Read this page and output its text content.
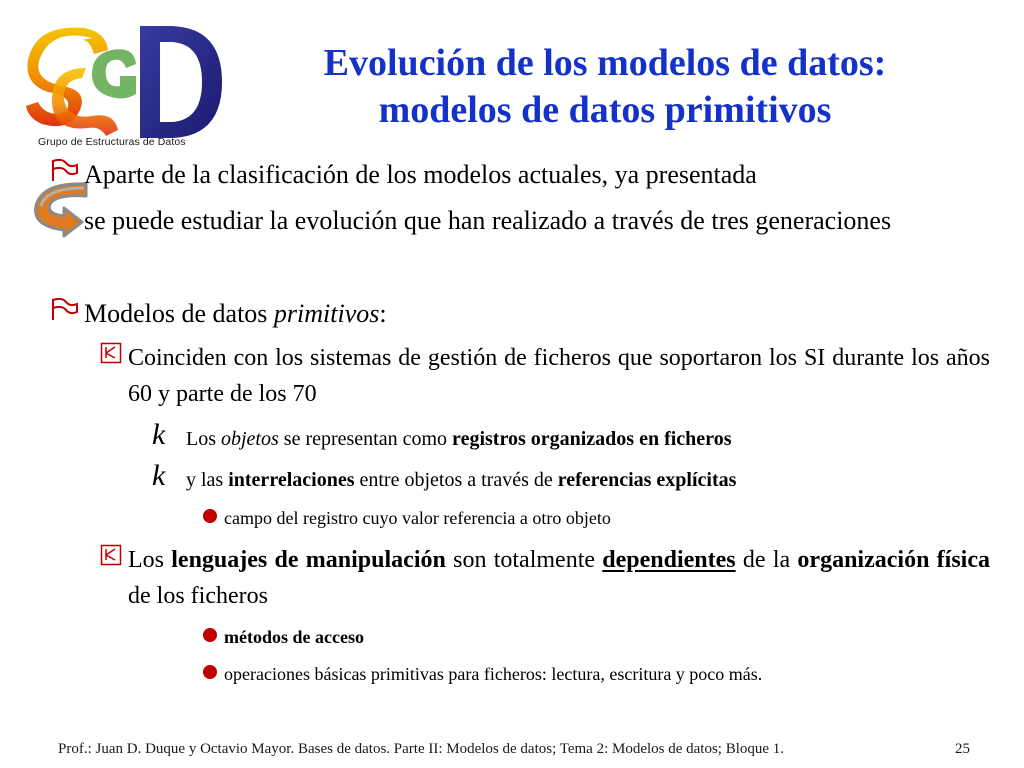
Grupo de Estructuras de Datos
Evolución de los modelos de datos:
modelos de datos primitivos
Aparte de la clasificación de los modelos actuales, ya presentada
se puede estudiar la evolución que han realizado a través de tres generaciones
Modelos de datos primitivos:
Coinciden con los sistemas de gestión de ficheros que soportaron los SI durante los años 60 y parte de los 70
k Los objetos se representan como registros organizados en ficheros
k y las interrelaciones entre objetos a través de referencias explícitas
campo del registro cuyo valor referencia a otro objeto
Los lenguajes de manipulación son totalmente dependientes de la organización física de los ficheros
métodos de acceso
operaciones básicas primitivas para ficheros: lectura, escritura y poco más.
Prof.: Juan D. Duque y Octavio Mayor. Bases de datos. Parte II: Modelos de datos; Tema 2: Modelos de datos; Bloque 1.	25
